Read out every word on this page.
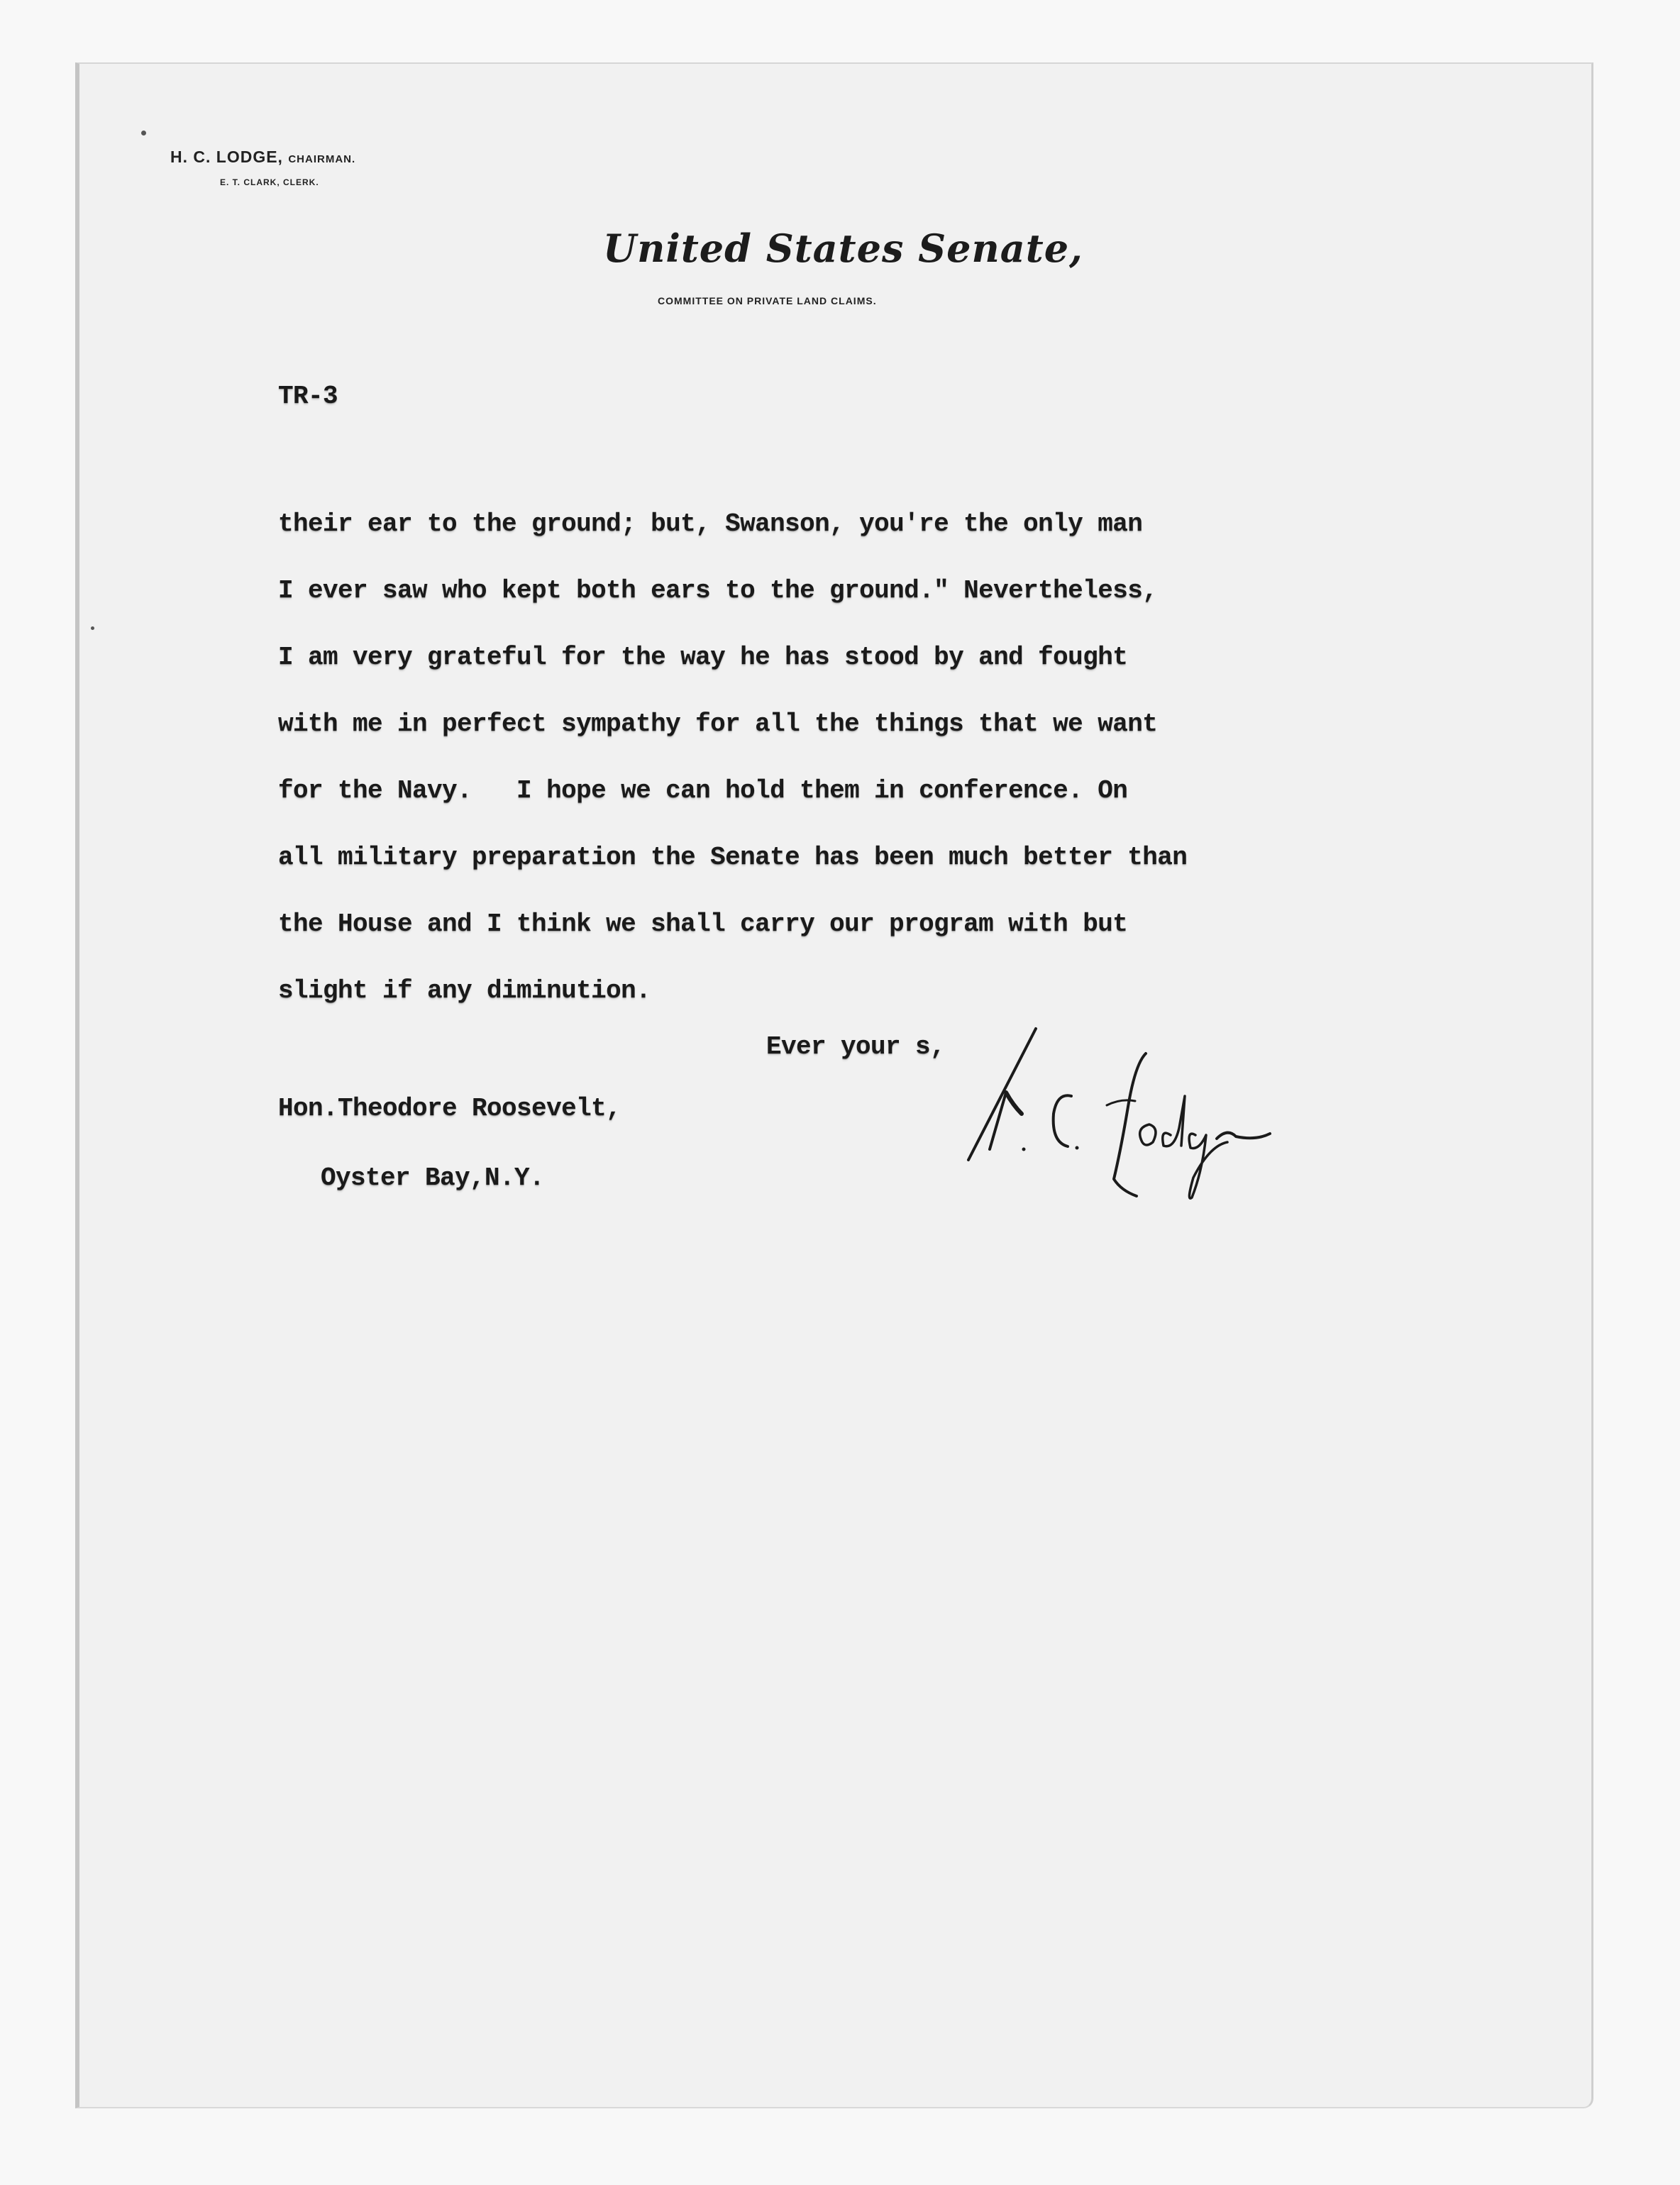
H. C. LODGE, CHAIRMAN.
E. T. CLARK, CLERK.
United States Senate,
COMMITTEE ON PRIVATE LAND CLAIMS.
TR-3
their ear to the ground; but, Swanson, you're the only man
I ever saw who kept both ears to the ground." Nevertheless,
I am very grateful for the way he has stood by and fought
with me in perfect sympathy for all the things that we want
for the Navy.   I hope we can hold them in conference. On
all military preparation the Senate has been much better than
the House and I think we shall carry our program with but
slight if any diminution.
Ever your s,
Hon.Theodore Roosevelt,
Oyster Bay,N.Y.
